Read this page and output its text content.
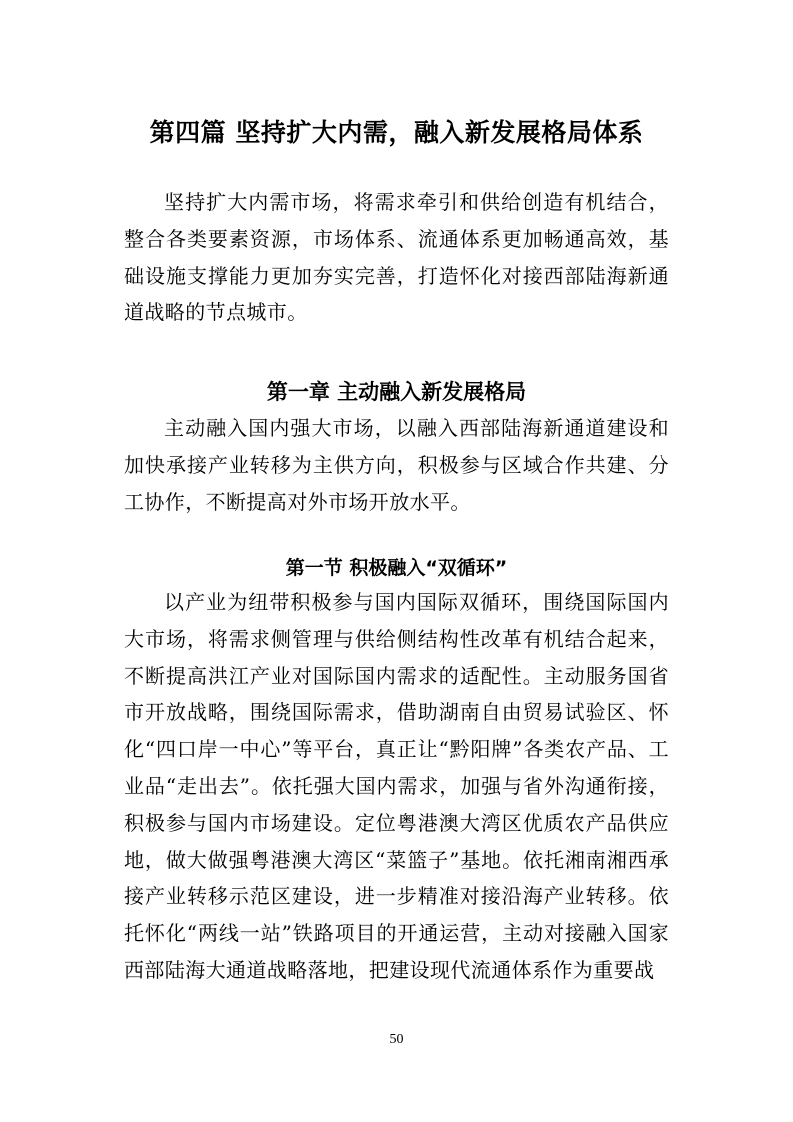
第四篇 坚持扩大内需，融入新发展格局体系

坚持扩大内需市场，将需求牵引和供给创造有机结合，整合各类要素资源，市场体系、流通体系更加畅通高效，基础设施支撑能力更加夯实完善，打造怀化对接西部陆海新通道战略的节点城市。

第一章 主动融入新发展格局

主动融入国内强大市场，以融入西部陆海新通道建设和加快承接产业转移为主供方向，积极参与区域合作共建、分工协作，不断提高对外市场开放水平。

第一节 积极融入“双循环”

以产业为纽带积极参与国内国际双循环，围绕国际国内大市场，将需求侧管理与供给侧结构性改革有机结合起来，不断提高洪江产业对国际国内需求的适配性。主动服务国省市开放战略，围绕国际需求，借助湖南自由贸易试验区、怀化“四口岸一中心”等平台，真正让“黔阳牌”各类农产品、工业品“走出去”。依托强大国内需求，加强与省外沟通衔接，积极参与国内市场建设。定位粤港澳大湾区优质农产品供应地，做大做强粤港澳大湾区“菜篮子”基地。依托湘南湘西承接产业转移示范区建设，进一步精准对接沿海产业转移。依托怀化“两线一站”铁路项目的开通运营，主动对接融入国家西部陆海大通道战略落地，把建设现代流通体系作为重要战

50
